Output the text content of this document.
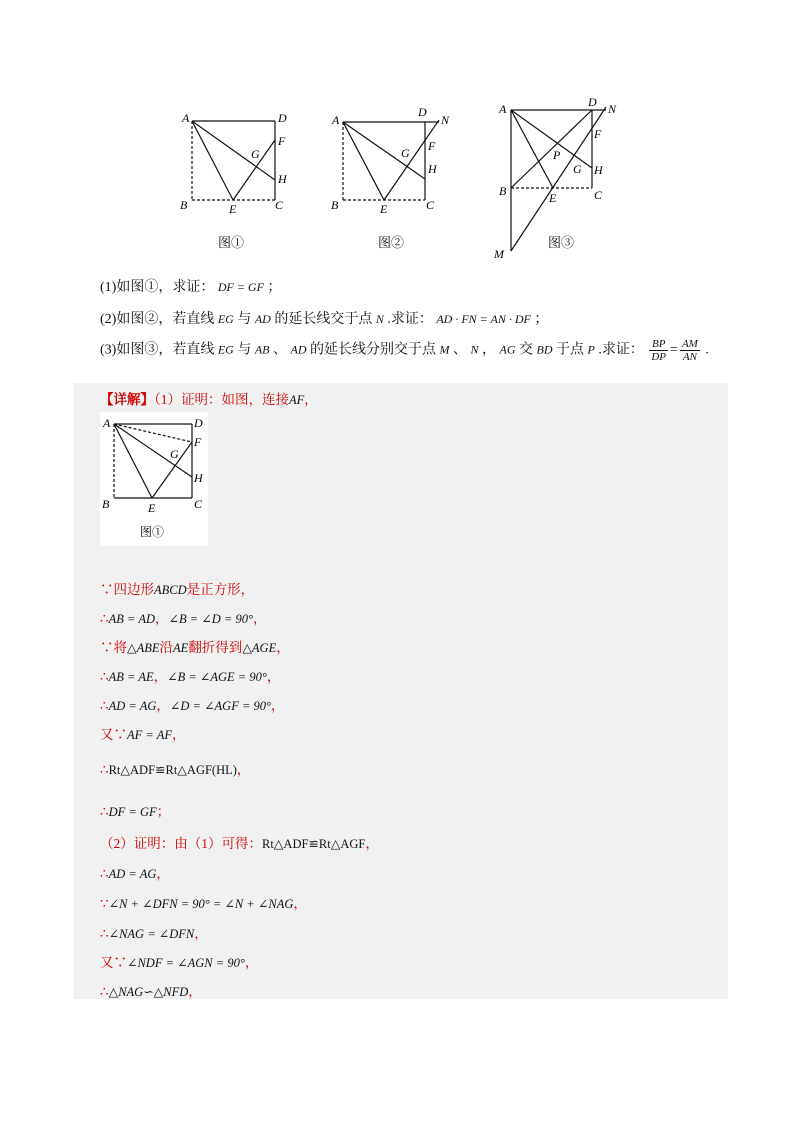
A	D
F
G
H
B	E	C
图①
A
D
N
F
G
H
B	E	C
图②
A	D N
F
P
G H
B	E	C
M
图③
(1)如图①，求证： DF = GF ；
(2)如图②，若直线 EG 与 AD 的延长线交于点 N .求证： AD · FN = AN · DF ；
(3)如图③，若直线 EG 与 AB 、 AD 的延长线分别交于点 M 、 N ， AG 交 BD 于点 P .求证： $\frac{BP}{DP} = \frac{AM}{AN}$ .
【详解】（1）证明：如图，连接AF，
A	D
F
G
H
B	E	C
图①
∵四边形ABCD是正方形，
∴AB = AD，∠B = ∠D = 90°，
∵将△ABE沿AE翻折得到△AGE，
∴AB = AE，∠B = ∠AGE = 90°，
∴AD = AG，∠D = ∠AGF = 90°，
又∵AF = AF，
∴Rt△ADF≌Rt△AGF(HL)，
∴DF = GF；
（2）证明：由（1）可得：Rt△ADF≌Rt△AGF，
∴AD = AG，
∵∠N + ∠DFN = 90° = ∠N + ∠NAG，
∴∠NAG = ∠DFN，
又∵∠NDF = ∠AGN = 90°，
∴△NAG∽△NFD，
